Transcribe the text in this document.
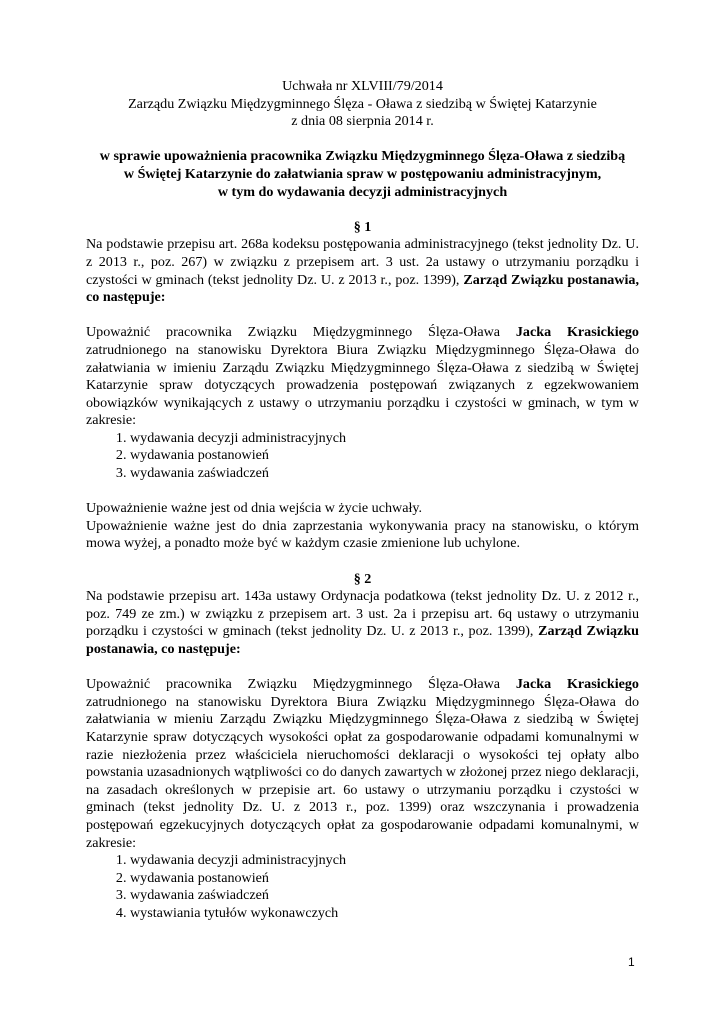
Uchwała nr XLVIII/79/2014
Zarządu Związku Międzygminnego Ślęza - Oława z siedzibą w Świętej Katarzynie
z dnia 08 sierpnia 2014 r.
w sprawie upoważnienia pracownika Związku Międzygminnego Ślęza-Oława z siedzibą
w Świętej Katarzynie do załatwiania spraw w postępowaniu administracyjnym,
w tym do wydawania decyzji administracyjnych
§ 1

Na podstawie przepisu art. 268a kodeksu postępowania administracyjnego (tekst jednolity Dz. U. z 2013 r., poz. 267) w związku z przepisem art. 3 ust. 2a ustawy o utrzymaniu porządku i czystości w gminach (tekst jednolity Dz. U. z 2013 r., poz. 1399), Zarząd Związku postanawia, co następuje:

Upoważnić pracownika Związku Międzygminnego Ślęza-Oława Jacka Krasickiego zatrudnionego na stanowisku Dyrektora Biura Związku Międzygminnego Ślęza-Oława do załatwiania w imieniu Zarządu Związku Międzygminnego Ślęza-Oława z siedzibą w Świętej Katarzynie spraw dotyczących prowadzenia postępowań związanych z egzekwowaniem obowiązków wynikających z ustawy o utrzymaniu porządku i czystości w gminach, w tym w zakresie:

1. wydawania decyzji administracyjnych
2. wydawania postanowień
3. wydawania zaświadczeń

Upoważnienie ważne jest od dnia wejścia w życie uchwały.

Upoważnienie ważne jest do dnia zaprzestania wykonywania pracy na stanowisku, o którym mowa wyżej, a ponadto może być w każdym czasie zmienione lub uchylone.

§ 2

Na podstawie przepisu art. 143a ustawy Ordynacja podatkowa (tekst jednolity Dz. U. z 2012 r., poz. 749 ze zm.) w związku z przepisem art. 3 ust. 2a i przepisu art. 6q ustawy o utrzymaniu porządku i czystości w gminach (tekst jednolity Dz. U. z 2013 r., poz. 1399), Zarząd Związku postanawia, co następuje:

Upoważnić pracownika Związku Międzygminnego Ślęza-Oława Jacka Krasickiego zatrudnionego na stanowisku Dyrektora Biura Związku Międzygminnego Ślęza-Oława do załatwiania w mieniu Zarządu Związku Międzygminnego Ślęza-Oława z siedzibą w Świętej Katarzynie spraw dotyczących wysokości opłat za gospodarowanie odpadami komunalnymi w razie niezłożenia przez właściciela nieruchomości deklaracji o wysokości tej opłaty albo powstania uzasadnionych wątpliwości co do danych zawartych w złożonej przez niego deklaracji, na zasadach określonych w przepisie art. 6o ustawy o utrzymaniu porządku i czystości w gminach (tekst jednolity Dz. U. z 2013 r., poz. 1399) oraz wszczynania i prowadzenia postępowań egzekucyjnych dotyczących opłat za gospodarowanie odpadami komunalnymi, w zakresie:

1. wydawania decyzji administracyjnych
2. wydawania postanowień
3. wydawania zaświadczeń
4. wystawiania tytułów wykonawczych
1
